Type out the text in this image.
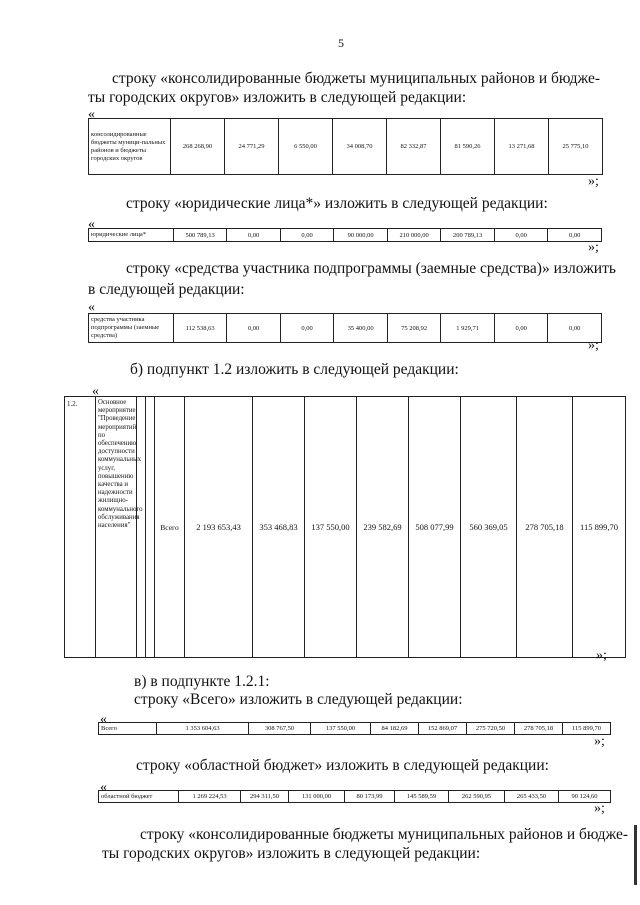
5
строку «консолидированные бюджеты муниципальных районов и бюдже-
ты городских округов» изложить в следующей редакции:
«
консолидированные бюджеты муници-пальных районов и бюджеты городских округов	268 268,90	24 771,29	6 550,00	34 008,70	82 332,87	81 590,26	13 271,68	25 775,10
»;
строку «юридические лица*» изложить в следующей редакции:
«
юридические лица*	500 789,13	0,00	0,00	90 000,00	210 000,00	200 789,13	0,00	0,00
»;
строку «средства участника подпрограммы (заемные средства)» изложить
в следующей редакции:
«
средства участника подпрограммы (заемные средства)	112 538,63	0,00	0,00	35 400,00	75 208,92	1 929,71	0,00	0,00
»;
б) подпункт 1.2 изложить в следующей редакции:
«
1.2.	Основное мероприятие "Проведение мероприятий по обеспечению доступности коммунальных услуг, повышению качества и надежности жилищно-коммунального обслуживания населения"			Всего	2 193 653,43	353 468,83	137 550,00	239 582,69	508 077,99	560 369,05	278 705,18	115 899,70
»;
в) в подпункте 1.2.1:
строку «Всего» изложить в следующей редакции:
«
Всего	1 353 604,63	308 767,50	137 550,00	84 182,69	152 869,07	275 720,50	278 705,18	115 899,70
»;
строку «областной бюджет» изложить в следующей редакции:
«
областной бюджет	1 269 224,53	294 311,50	131 000,00	80 173,99	145 589,59	262 590,95	265 433,50	90 124,60
»;
строку «консолидированные бюджеты муниципальных районов и бюдже-
ты городских округов» изложить в следующей редакции:
